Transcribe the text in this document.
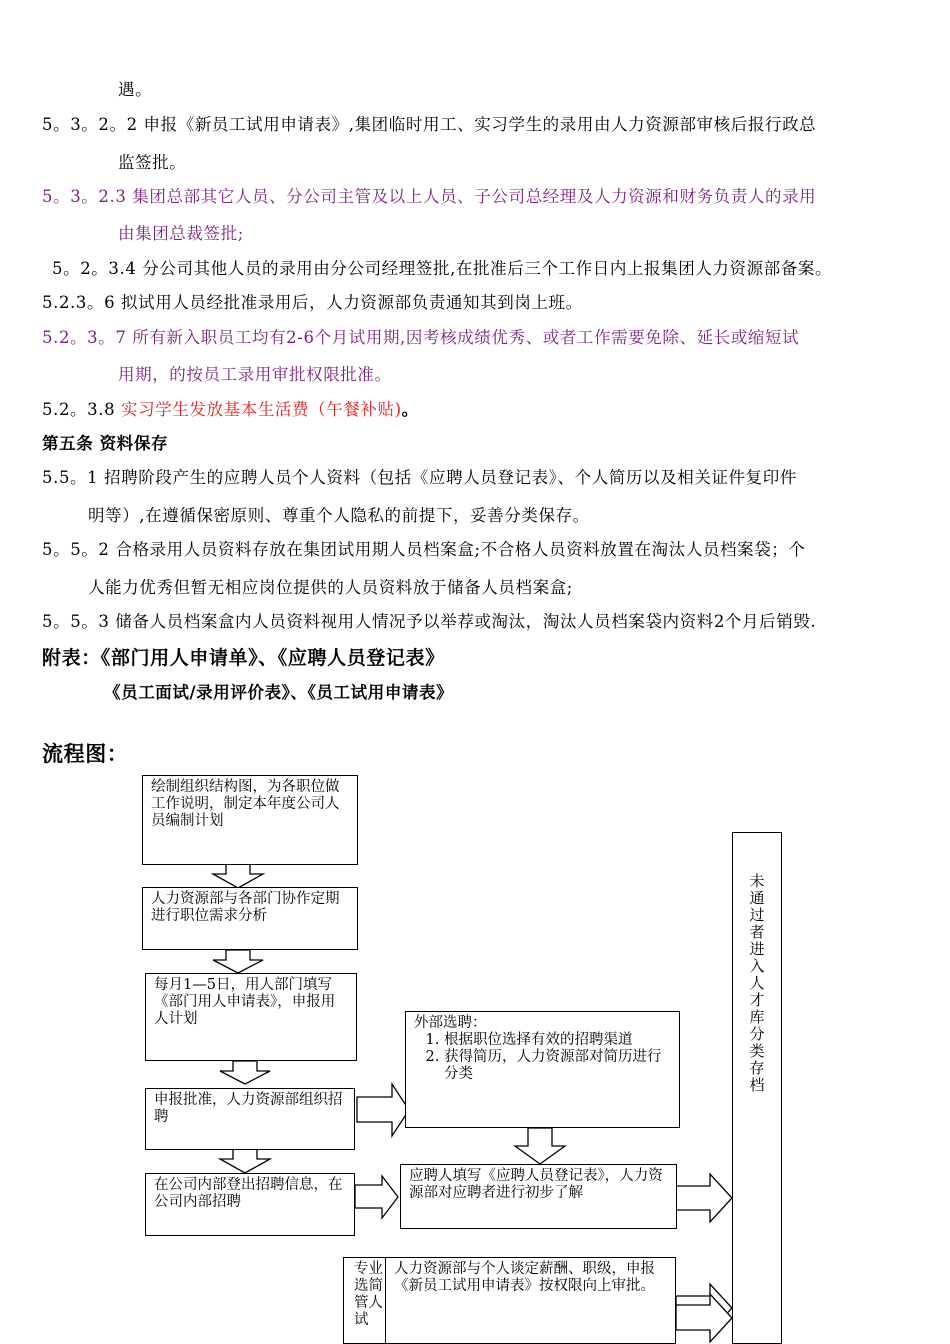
遇。
5。3。2。2 申报《新员工试用申请表》,集团临时用工、实习学生的录用由人力资源部审核后报行政总
监签批。
5。3。2.3 集团总部其它人员、分公司主管及以上人员、子公司总经理及人力资源和财务负责人的录用
由集团总裁签批;
5。2。3.4 分公司其他人员的录用由分公司经理签批,在批准后三个工作日内上报集团人力资源部备案。
5.2.3。6 拟试用人员经批准录用后，人力资源部负责通知其到岗上班。
5.2。3。7 所有新入职员工均有2-6个月试用期,因考核成绩优秀、或者工作需要免除、延长或缩短试
用期，的按员工录用审批权限批准。
5.2。3.8 实习学生发放基本生活费（午餐补贴)。
第五条 资料保存
5.5。1 招聘阶段产生的应聘人员个人资料（包括《应聘人员登记表》、个人简历以及相关证件复印件
明等）,在遵循保密原则、尊重个人隐私的前提下，妥善分类保存。
5。5。2 合格录用人员资料存放在集团试用期人员档案盒;不合格人员资料放置在淘汰人员档案袋；个
人能力优秀但暂无相应岗位提供的人员资料放于储备人员档案盒;
5。5。3 储备人员档案盒内人员资料视用人情况予以举荐或淘汰，淘汰人员档案袋内资料2个月后销毁.
附表：《部门用人申请单》、《应聘人员登记表》
《员工面试/录用评价表》、《员工试用申请表》
流程图：
绘制组织结构图，为各职位做工作说明，制定本年度公司人员编制计划
人力资源部与各部门协作定期进行职位需求分析
每月1—5日，用人部门填写《部门用人申请表》，申报用人计划
申报批准，人力资源部组织招聘
在公司内部登出招聘信息，在公司内部招聘
外部选聘：
1. 根据职位选择有效的招聘渠道
2. 获得简历，人力资源部对简历进行分类
应聘人填写《应聘人员登记表》，人力资源部对应聘者进行初步了解
专业选简管人试
人力资源部与个人谈定薪酬、职级，申报《新员工试用申请表》按权限向上审批。
未通过者进入人才库分类存档
